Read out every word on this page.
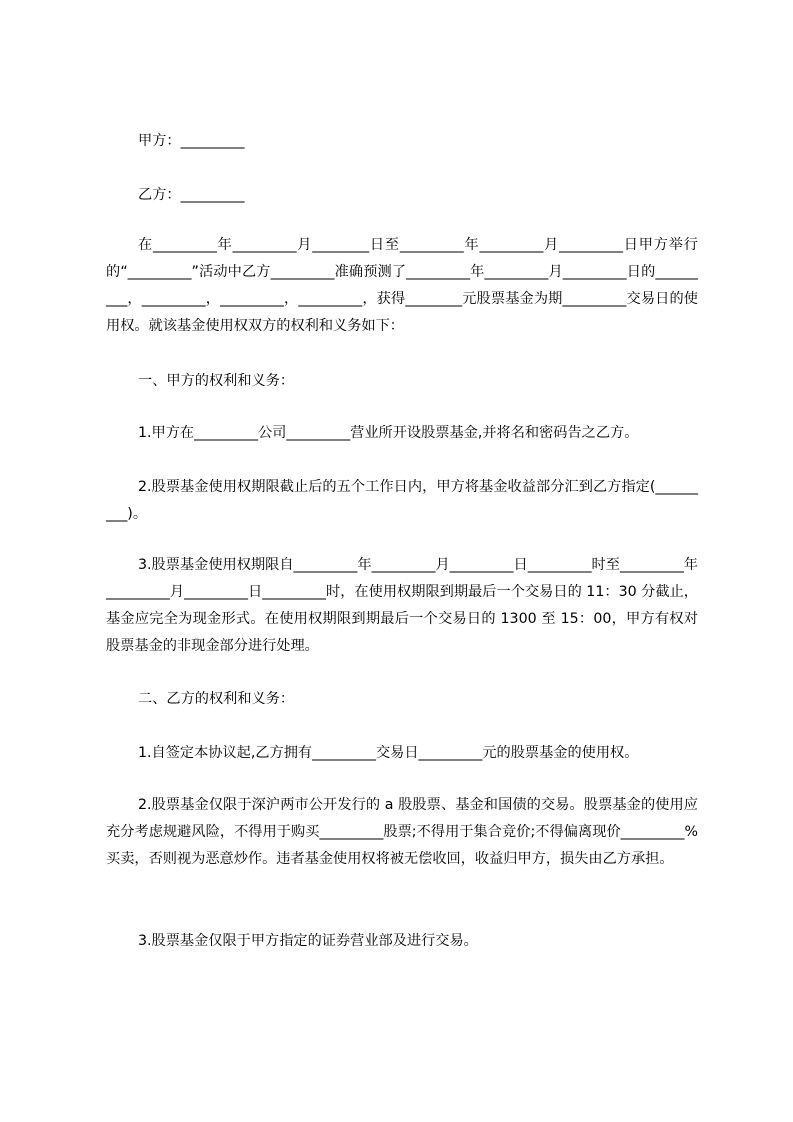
甲方：_________

乙方：_________

在_________年_________月________日至_________年_________月_________日甲方举行的“_________”活动中乙方_________准确预测了_________年_________月_________日的_________，_________，_________，_________，获得________元股票基金为期_________交易日的使用权。就该基金使用权双方的权利和义务如下：

一、甲方的权利和义务：

1.甲方在_________公司_________营业所开设股票基金,并将名和密码告之乙方。

2.股票基金使用权期限截止后的五个工作日内，甲方将基金收益部分汇到乙方指定(_________)。

3.股票基金使用权期限自_________年_________月_________日_________时至_________年_________月_________日_________时，在使用权期限到期最后一个交易日的 11：30 分截止，基金应完全为现金形式。在使用权期限到期最后一个交易日的 1300 至 15：00，甲方有权对股票基金的非现金部分进行处理。

二、乙方的权利和义务：

1.自签定本协议起,乙方拥有_________交易日_________元的股票基金的使用权。

2.股票基金仅限于深沪两市公开发行的 a 股股票、基金和国债的交易。股票基金的使用应充分考虑规避风险，不得用于购买_________股票;不得用于集合竞价;不得偏离现价_________%买卖，否则视为恶意炒作。违者基金使用权将被无偿收回，收益归甲方，损失由乙方承担。

3.股票基金仅限于甲方指定的证券营业部及进行交易。
